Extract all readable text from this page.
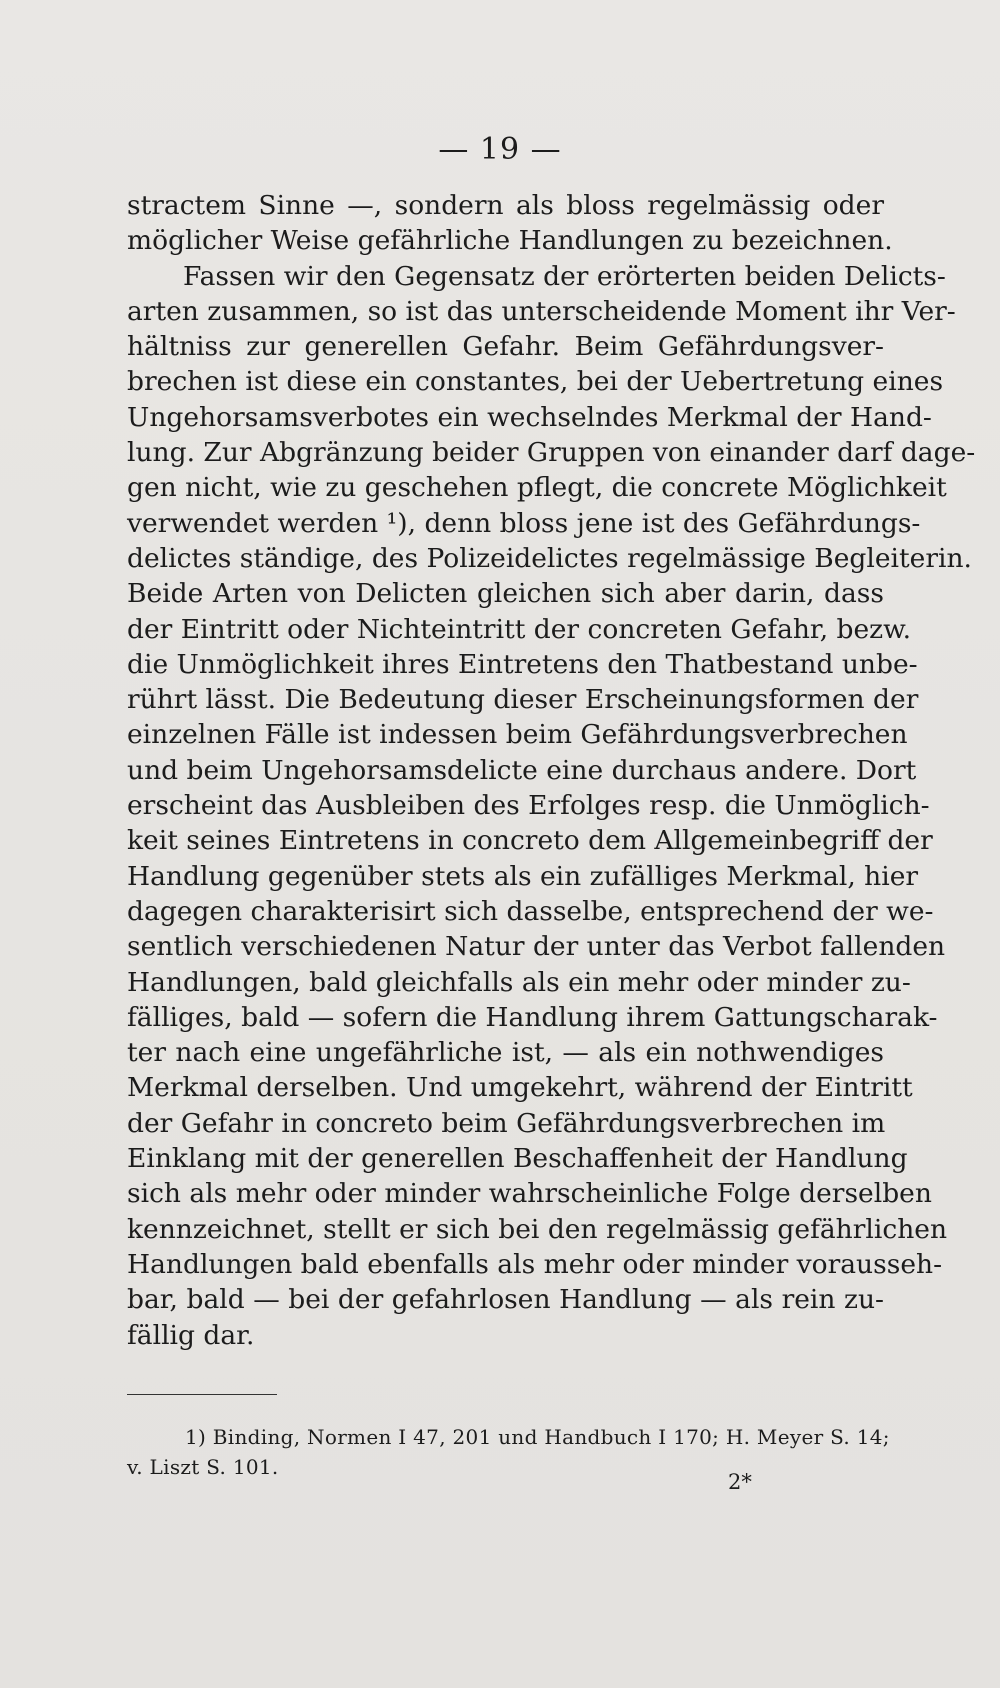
— 19 —
stractem Sinne —, sondern als bloss regelmässig oder
möglicher Weise gefährliche Handlungen zu bezeichnen.
Fassen wir den Gegensatz der erörterten beiden Delicts-
arten zusammen, so ist das unterscheidende Moment ihr Ver-
hältniss zur generellen Gefahr. Beim Gefährdungsver-
brechen ist diese ein constantes, bei der Uebertretung eines
Ungehorsamsverbotes ein wechselndes Merkmal der Hand-
lung. Zur Abgränzung beider Gruppen von einander darf dage-
gen nicht, wie zu geschehen pflegt, die concrete Möglichkeit
verwendet werden ¹), denn bloss jene ist des Gefährdungs-
delictes ständige, des Polizeidelictes regelmässige Begleiterin.
Beide Arten von Delicten gleichen sich aber darin, dass
der Eintritt oder Nichteintritt der concreten Gefahr, bezw.
die Unmöglichkeit ihres Eintretens den Thatbestand unbe-
rührt lässt. Die Bedeutung dieser Erscheinungsformen der
einzelnen Fälle ist indessen beim Gefährdungsverbrechen
und beim Ungehorsamsdelicte eine durchaus andere. Dort
erscheint das Ausbleiben des Erfolges resp. die Unmöglich-
keit seines Eintretens in concreto dem Allgemeinbegriff der
Handlung gegenüber stets als ein zufälliges Merkmal, hier
dagegen charakterisirt sich dasselbe, entsprechend der we-
sentlich verschiedenen Natur der unter das Verbot fallenden
Handlungen, bald gleichfalls als ein mehr oder minder zu-
fälliges, bald — sofern die Handlung ihrem Gattungscharak-
ter nach eine ungefährliche ist, — als ein nothwendiges
Merkmal derselben. Und umgekehrt, während der Eintritt
der Gefahr in concreto beim Gefährdungsverbrechen im
Einklang mit der generellen Beschaffenheit der Handlung
sich als mehr oder minder wahrscheinliche Folge derselben
kennzeichnet, stellt er sich bei den regelmässig gefährlichen
Handlungen bald ebenfalls als mehr oder minder vorausseh-
bar, bald — bei der gefahrlosen Handlung — als rein zu-
fällig dar.
1) Binding, Normen I 47, 201 und Handbuch I 170; H. Meyer S. 14;
v. Liszt S. 101.
2*
